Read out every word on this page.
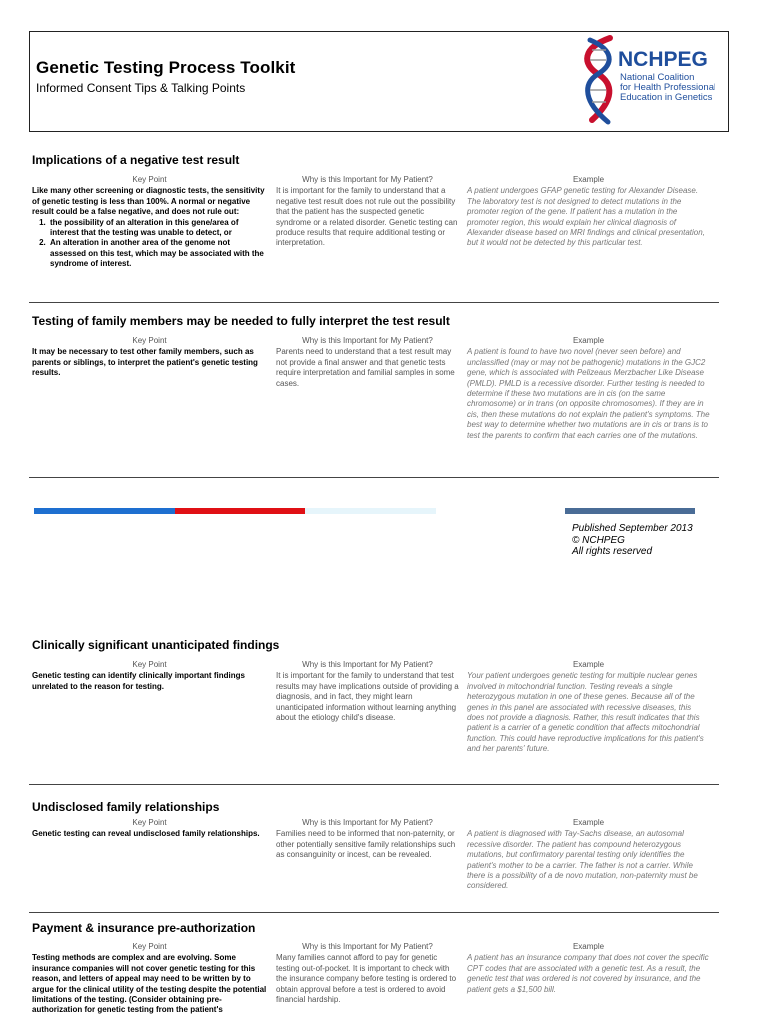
Genetic Testing Process Toolkit
Informed Consent Tips & Talking Points
NCHPEG
National Coalition
for Health Professional
Education in Genetics
Implications of a negative test result
Key Point
Like many other screening or diagnostic tests, the sensitivity of genetic testing is less than 100%. A normal or negative result could be a false negative, and does not rule out:
1. the possibility of an alteration in this gene/area of interest that the testing was unable to detect, or
2. An alteration in another area of the genome not assessed on this test, which may be associated with the syndrome of interest.
Why is this Important for My Patient?
It is important for the family to understand that a negative test result does not rule out the possibility that the patient has the suspected genetic syndrome or a related disorder. Genetic testing can produce results that require additional testing or interpretation.
Example
A patient undergoes GFAP genetic testing for Alexander Disease. The laboratory test is not designed to detect mutations in the promoter region of the gene. If patient has a mutation in the promoter region, this would explain her clinical diagnosis of Alexander disease based on MRI findings and clinical presentation, but it would not be detected by this particular test.
Testing of family members may be needed to fully interpret the test result
Key Point
It may be necessary to test other family members, such as parents or siblings, to interpret the patient's genetic testing results.
Why is this Important for My Patient?
Parents need to understand that a test result may not provide a final answer and that genetic tests require interpretation and familial samples in some cases.
Example
A patient is found to have two novel (never seen before) and unclassified (may or may not be pathogenic) mutations in the GJC2 gene, which is associated with Pelizeaus Merzbacher Like Disease (PMLD). PMLD is a recessive disorder. Further testing is needed to determine if these two mutations are in cis (on the same chromosome) or in trans (on opposite chromosomes). If they are in cis, then these mutations do not explain the patient's symptoms. The best way to determine whether two mutations are in cis or trans is to test the parents to confirm that each carries one of the mutations.
Published September 2013
© NCHPEG
All rights reserved
Clinically significant unanticipated findings
Key Point
Genetic testing can identify clinically important findings unrelated to the reason for testing.
Why is this Important for My Patient?
It is important for the family to understand that test results may have implications outside of providing a diagnosis, and in fact, they might learn unanticipated information without learning anything about the etiology child's disease.
Example
Your patient undergoes genetic testing for multiple nuclear genes involved in mitochondrial function. Testing reveals a single heterozygous mutation in one of these genes. Because all of the genes in this panel are associated with recessive diseases, this does not provide a diagnosis. Rather, this result indicates that this patient is a carrier of a genetic condition that affects mitochondrial function. This could have reproductive implications for this patient's and her parents' future.
Undisclosed family relationships
Key Point
Genetic testing can reveal undisclosed family relationships.
Why is this Important for My Patient?
Families need to be informed that non-paternity, or other potentially sensitive family relationships such as consanguinity or incest, can be revealed.
Example
A patient is diagnosed with Tay-Sachs disease, an autosomal recessive disorder. The patient has compound heterozygous mutations, but confirmatory parental testing only identifies the patient's mother to be a carrier. The father is not a carrier. While there is a possibility of a de novo mutation, non-paternity must be considered.
Payment & insurance pre-authorization
Key Point
Testing methods are complex and are evolving. Some insurance companies will not cover genetic testing for this reason, and letters of appeal may need to be written by to argue for the clinical utility of the testing despite the potential limitations of the testing. (Consider obtaining pre-authorization for genetic testing from the patient's
Why is this Important for My Patient?
Many families cannot afford to pay for genetic testing out-of-pocket. It is important to check with the insurance company before testing is ordered to obtain approval before a test is ordered to avoid financial hardship.
Example
A patient has an insurance company that does not cover the specific CPT codes that are associated with a genetic test. As a result, the genetic test that was ordered is not covered by insurance, and the patient gets a $1,500 bill.
